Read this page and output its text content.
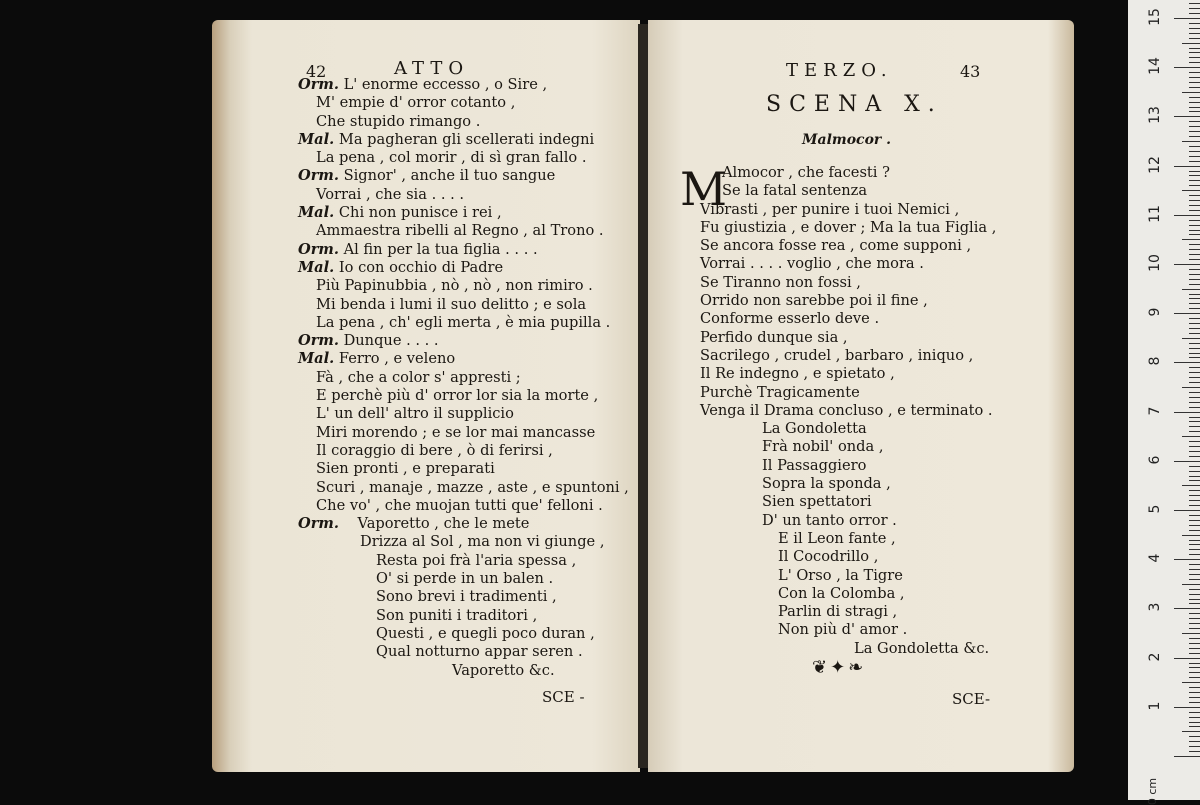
42	ATTO
Orm. L' enorme eccesso , o Sire ,
M' empie d' orror cotanto ,
Che stupido rimango .
Mal. Ma pagheran gli scellerati indegni
La pena , col morir , di sì gran fallo .
Orm. Signor' , anche il tuo sangue
Vorrai , che sia . . . .
Mal. Chi non punisce i rei ,
Ammaestra ribelli al Regno , al Trono .
Orm. Al fin per la tua figlia . . . .
Mal. Io con occhio di Padre
Più Papinubbia , nò , nò , non rimiro .
Mi benda i lumi il suo delitto ; e sola
La pena , ch' egli merta , è mia pupilla .
Orm. Dunque . . . .
Mal. Ferro , e veleno
Fà , che a color s' appresti ;
E perchè più d' orror lor sia la morte ,
L' un dell' altro il supplicio
Miri morendo ; e se lor mai mancasse
Il coraggio di bere , ò di ferirsi ,
Sien pronti , e preparati
Scuri , manaje , mazze , aste , e spuntoni ,
Che vo' , che muojan tutti que' felloni .
Orm.    Vaporetto , che le mete
Drizza al Sol , ma non vi giunge ,
Resta poi frà l'aria spessa ,
O' si perde in un balen .
Sono brevi i tradimenti ,
Son puniti i traditori ,
Questi , e quegli poco duran ,
Qual notturno appar seren .
Vaporetto &c.
SCE -
TERZO.	43
SCENA X.
Malmocor .
M
Almocor , che facesti ?
Se la fatal sentenza
Vibrasti , per punire i tuoi Nemici ,
Fu giustizia , e dover ; Ma la tua Figlia ,
Se ancora fosse rea , come supponi ,
Vorrai . . . . voglio , che mora .
Se Tiranno non fossi ,
Orrido non sarebbe poi il fine ,
Conforme esserlo deve .
Perfido dunque sia ,
Sacrilego , crudel , barbaro , iniquo ,
Il Re indegno , e spietato ,
Purchè Tragicamente
Venga il Drama concluso , e terminato .
La Gondoletta
Frà nobil' onda ,
Il Passaggiero
Sopra la sponda ,
Sien spettatori
D' un tanto orror .
E il Leon fante ,
Il Cocodrillo ,
L' Orso , la Tigre
Con la Colomba ,
Parlin di stragi ,
Non più d' amor .
La Gondoletta &c.
❦✦❧
SCE-
0 cm
1
2
3
4
5
6
7
8
9
10
11
12
13
14
15
